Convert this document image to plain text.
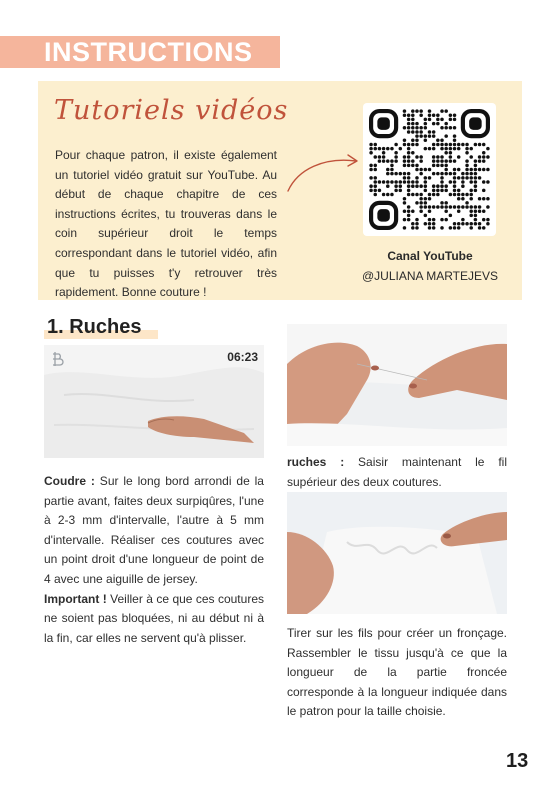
INSTRUCTIONS
Tutoriels vidéos

Pour chaque patron, il existe également un tutoriel vidéo gratuit sur YouTube. Au début de chaque chapitre de ces instructions écrites, tu trouveras dans le coin supérieur droit le temps correspondant dans le tutoriel vidéo, afin que tu puisses t'y retrouver très rapidement. Bonne couture !

Canal YouTube
@JULIANA MARTEJEVS
1. Ruches
06:23

Coudre : Sur le long bord arrondi de la partie avant, faites deux surpiqûres, l'une à 2-3 mm d'intervalle, l'autre à 5 mm d'intervalle. Réaliser ces coutures avec un point droit d'une longueur de point de 4 avec une aiguille de jersey.
Important ! Veiller à ce que ces coutures ne soient pas bloquées, ni au début ni à la fin, car elles ne servent qu'à plisser.

ruches : Saisir maintenant le fil supérieur des deux coutures.

Tirer sur les fils pour créer un fronçage. Rassembler le tissu jusqu'à ce que la longueur de la partie froncée corresponde à la longueur indiquée dans le patron pour la taille choisie.

13
